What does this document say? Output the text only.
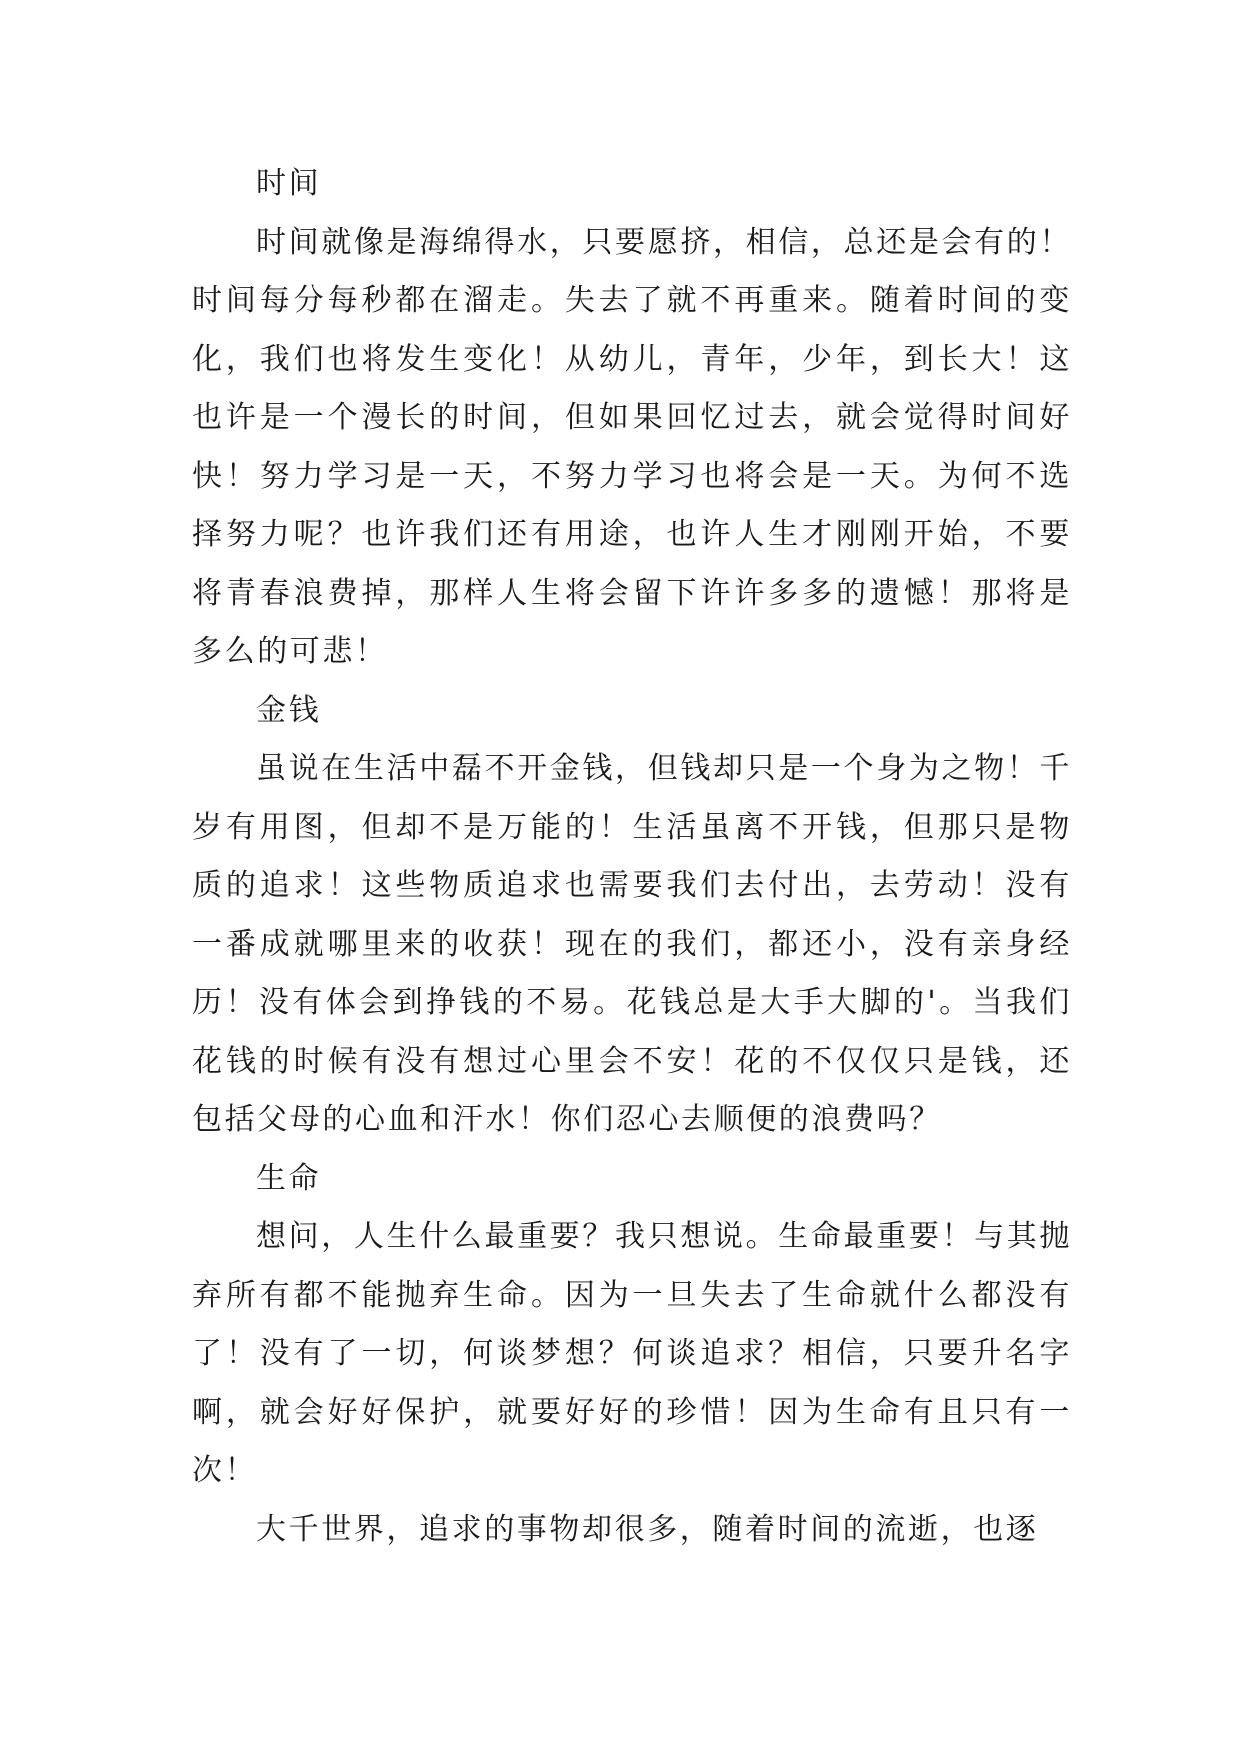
时间

时间就像是海绵得水，只要愿挤，相信，总还是会有的！时间每分每秒都在溜走。失去了就不再重来。随着时间的变化，我们也将发生变化！从幼儿，青年，少年，到长大！这也许是一个漫长的时间，但如果回忆过去，就会觉得时间好快！努力学习是一天，不努力学习也将会是一天。为何不选择努力呢？也许我们还有用途，也许人生才刚刚开始，不要将青春浪费掉，那样人生将会留下许许多多的遗憾！那将是多么的可悲！

金钱

虽说在生活中磊不开金钱，但钱却只是一个身为之物！千岁有用图，但却不是万能的！生活虽离不开钱，但那只是物质的追求！这些物质追求也需要我们去付出，去劳动！没有一番成就哪里来的收获！现在的我们，都还小，没有亲身经历！没有体会到挣钱的不易。花钱总是大手大脚的'。当我们花钱的时候有没有想过心里会不安！花的不仅仅只是钱，还包括父母的心血和汗水！你们忍心去顺便的浪费吗？

生命

想问，人生什么最重要？我只想说。生命最重要！与其抛弃所有都不能抛弃生命。因为一旦失去了生命就什么都没有了！没有了一切，何谈梦想？何谈追求？相信，只要升名字啊，就会好好保护，就要好好的珍惜！因为生命有且只有一次！

大千世界，追求的事物却很多，随着时间的流逝，也逐
